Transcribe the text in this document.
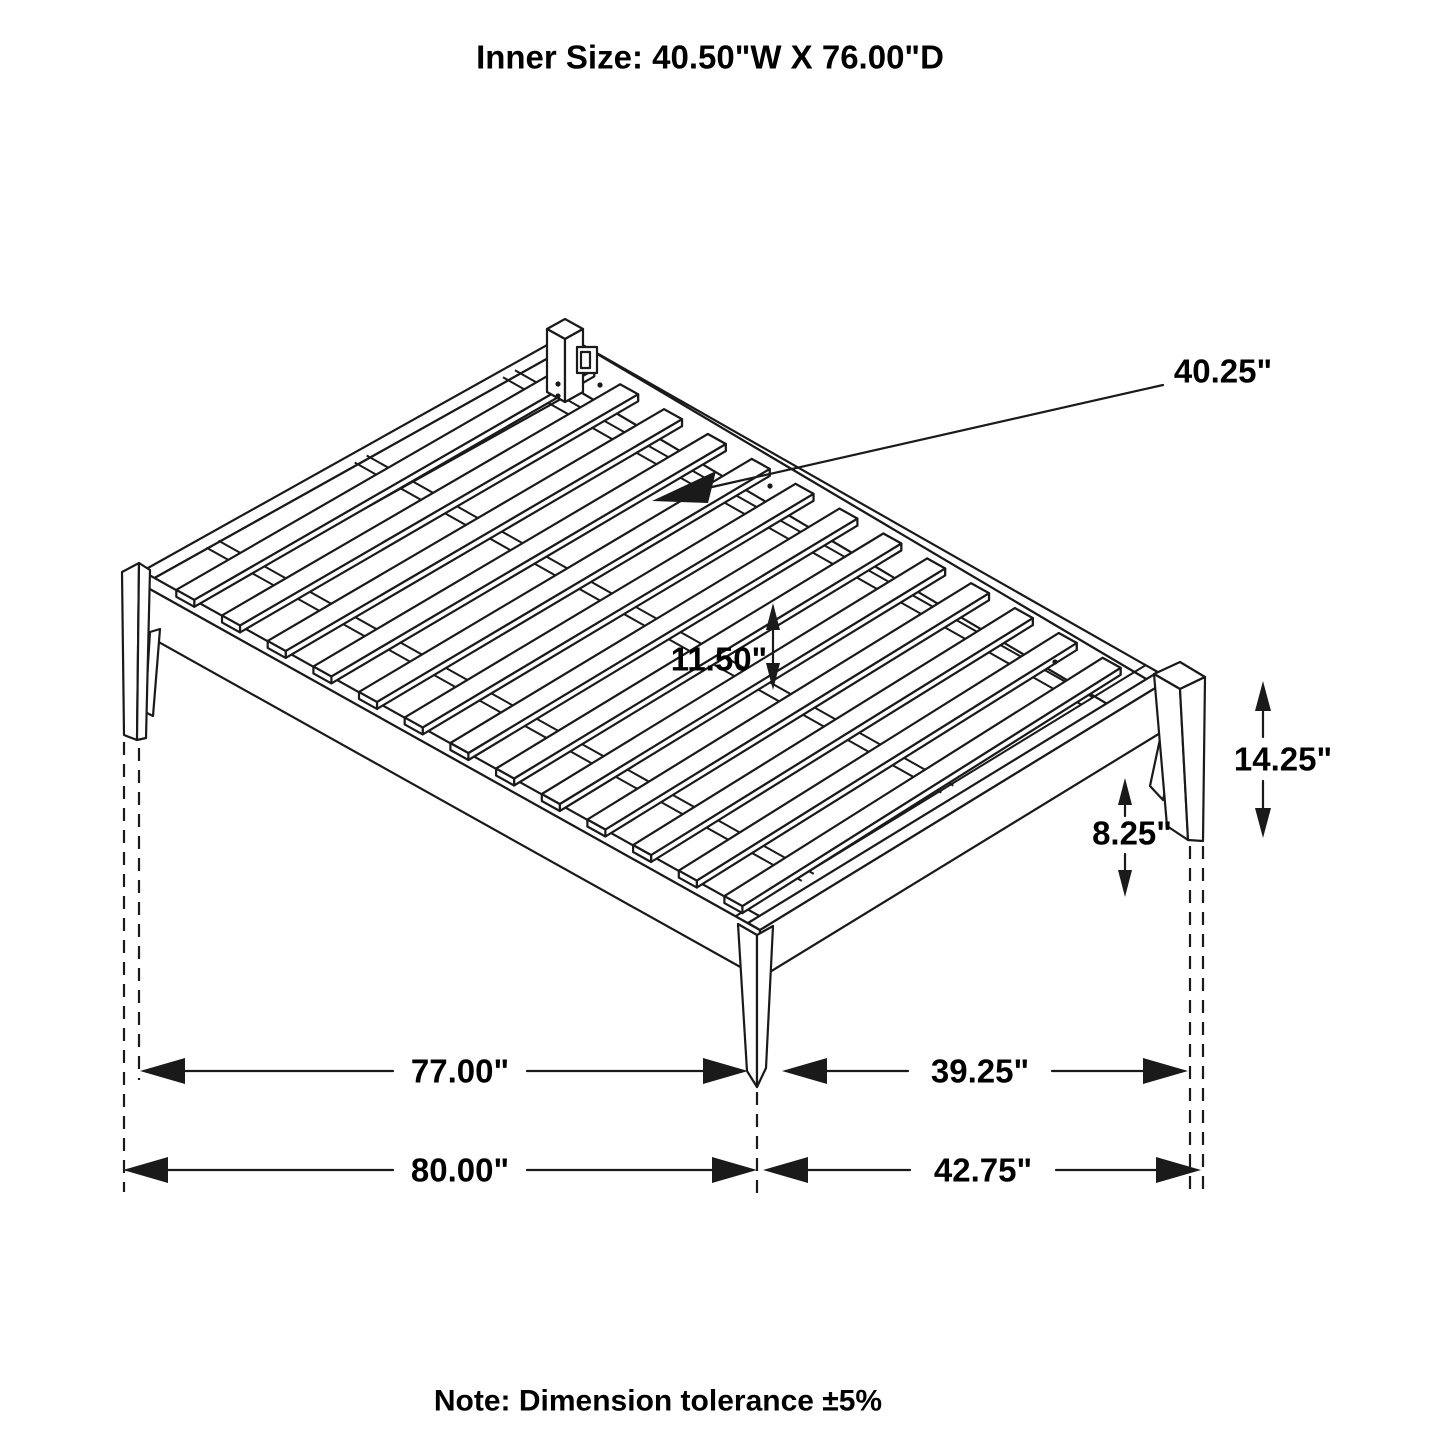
Inner Size: 40.50"W X 76.00"D
40.25"
11.50"
14.25"
8.25"
77.00"	39.25"
80.00"	42.75"
Note: Dimension tolerance ±5%
